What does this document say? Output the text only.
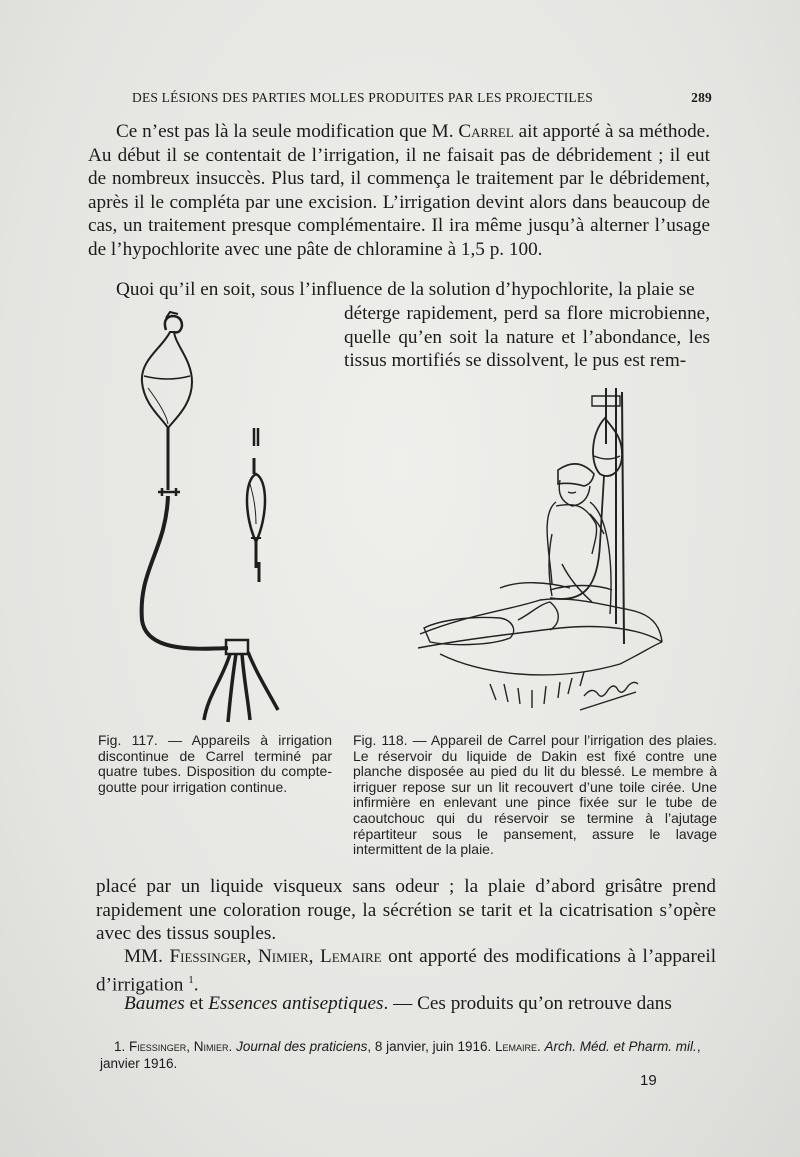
DES LÉSIONS DES PARTIES MOLLES PRODUITES PAR LES PROJECTILES	289

Ce n’est pas là la seule modification que M. Carrel ait apporté à sa méthode. Au début il se contentait de l’irrigation, il ne faisait pas de débridement ; il eut de nombreux insuccès. Plus tard, il commença le traitement par le débridement, après il le compléta par une excision. L’irrigation devint alors dans beaucoup de cas, un traitement presque complémentaire. Il ira même jusqu’à alterner l’usage de l’hypochlorite avec une pâte de chloramine à 1,5 p. 100.

Quoi qu’il en soit, sous l’influence de la solution d’hypochlorite, la plaie se

déterge rapidement, perd sa flore microbienne, quelle qu’en soit la nature et l’abondance, les tissus mortifiés se dissolvent, le pus est rem-

Fig. 117. — Appareils à irrigation discontinue de Carrel terminé par quatre tubes. Disposition du compte-goutte pour irrigation continue.
Fig. 118. — Appareil de Carrel pour l’irrigation des plaies. Le réservoir du liquide de Dakin est fixé contre une planche disposée au pied du lit du blessé. Le membre à irriguer repose sur un lit recouvert d’une toile cirée. Une infirmière en enlevant une pince fixée sur le tube de caoutchouc qui du réservoir se termine à l’ajutage répartiteur sous le pansement, assure le lavage intermittent de la plaie.

placé par un liquide visqueux sans odeur ; la plaie d’abord grisâtre prend rapidement une coloration rouge, la sécrétion se tarit et la cicatrisation s’opère avec des tissus souples.

MM. Fiessinger, Nimier, Lemaire ont apporté des modifications à l’appareil d’irrigation $^1$.

Baumes et Essences antiseptiques. — Ces produits qu’on retrouve dans

1. Fiessinger, Nimier. Journal des praticiens, 8 janvier, juin 1916. Lemaire. Arch. Méd. et Pharm. mil., janvier 1916.
19
